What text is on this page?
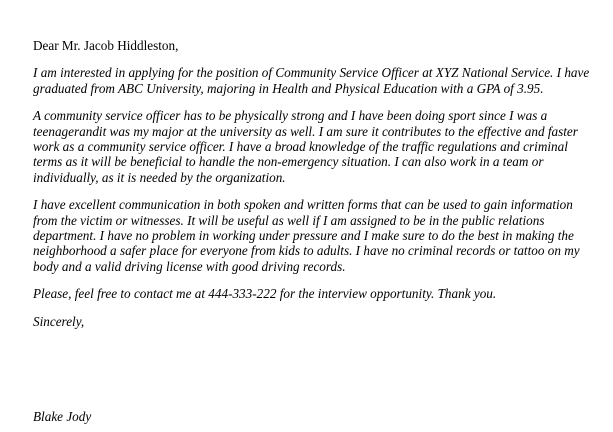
Dear Mr. Jacob Hiddleston,

I am interested in applying for the position of Community Service Officer at XYZ National Service. I have graduated from ABC University, majoring in Health and Physical Education with a GPA of 3.95.

A community service officer has to be physically strong and I have been doing sport since I was a teenagerandit was my major at the university as well. I am sure it contributes to the effective and faster work as a community service officer. I have a broad knowledge of the traffic regulations and criminal terms as it will be beneficial to handle the non-emergency situation. I can also work in a team or individually, as it is needed by the organization.

I have excellent communication in both spoken and written forms that can be used to gain information from the victim or witnesses. It will be useful as well if I am assigned to be in the public relations department. I have no problem in working under pressure and I make sure to do the best in making the neighborhood a safer place for everyone from kids to adults. I have no criminal records or tattoo on my body and a valid driving license with good driving records.

Please, feel free to contact me at 444-333-222 for the interview opportunity. Thank you.

Sincerely,

Blake Jody
